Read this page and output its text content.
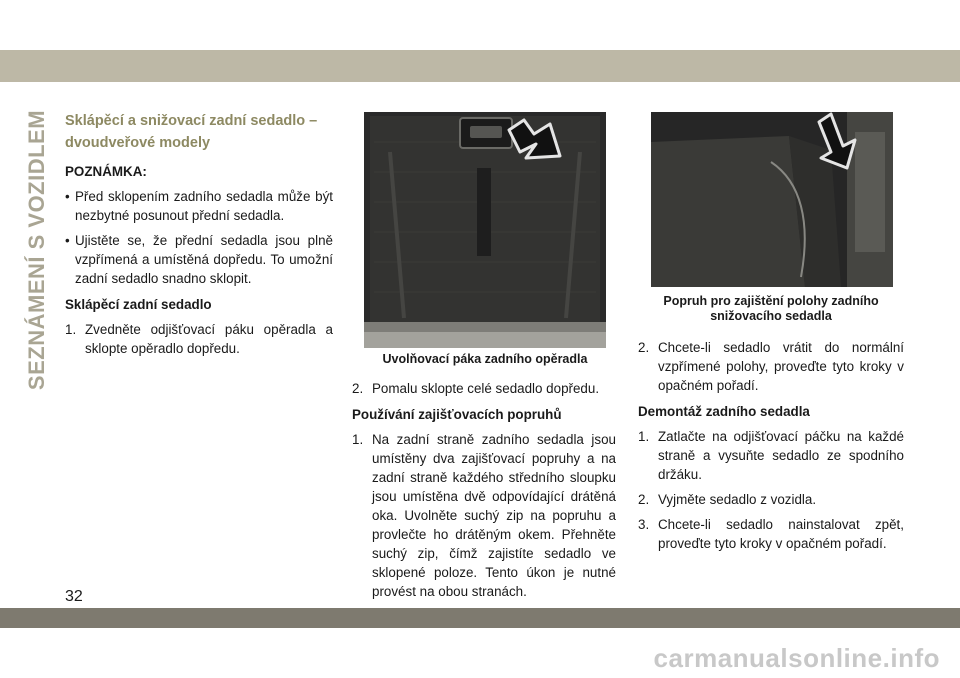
SEZNÁMENÍ S VOZIDLEM Sklápěcí a snižovací zadní sedadlo –
dvoudveřové modely
POZNÁMKA:
• Před sklopením zadního sedadla může být nezbytné posunout přední sedadla.
• Ujistěte se, že přední sedadla jsou plně vzpřímená a umístěná dopředu. To umožní zadní sedadlo snadno sklopit.
Sklápěcí zadní sedadlo
1. Zvedněte odjišťovací páku opěradla a sklopte opěradlo dopředu.
Uvolňovací páka zadního opěradla
2. Pomalu sklopte celé sedadlo dopředu.
Používání zajišťovacích popruhů
1. Na zadní straně zadního sedadla jsou umístěny dva zajišťovací popruhy a na zadní straně každého středního sloupku jsou umístěna dvě odpovídající drátěná oka. Uvolněte suchý zip na popruhu a provlečte ho drátěným okem. Přehněte suchý zip, čímž zajistíte sedadlo ve sklopené poloze. Tento úkon je nutné provést na obou stranách.
Popruh pro zajištění polohy zadního
snižovacího sedadla
2. Chcete-li sedadlo vrátit do normální vzpřímené polohy, proveďte tyto kroky v opačném pořadí.
Demontáž zadního sedadla
1. Zatlačte na odjišťovací páčku na každé straně a vysuňte sedadlo ze spodního držáku.
2. Vyjměte sedadlo z vozidla.
3. Chcete-li sedadlo nainstalovat zpět, proveďte tyto kroky v opačném pořadí.
32
carmanualsonline.info
